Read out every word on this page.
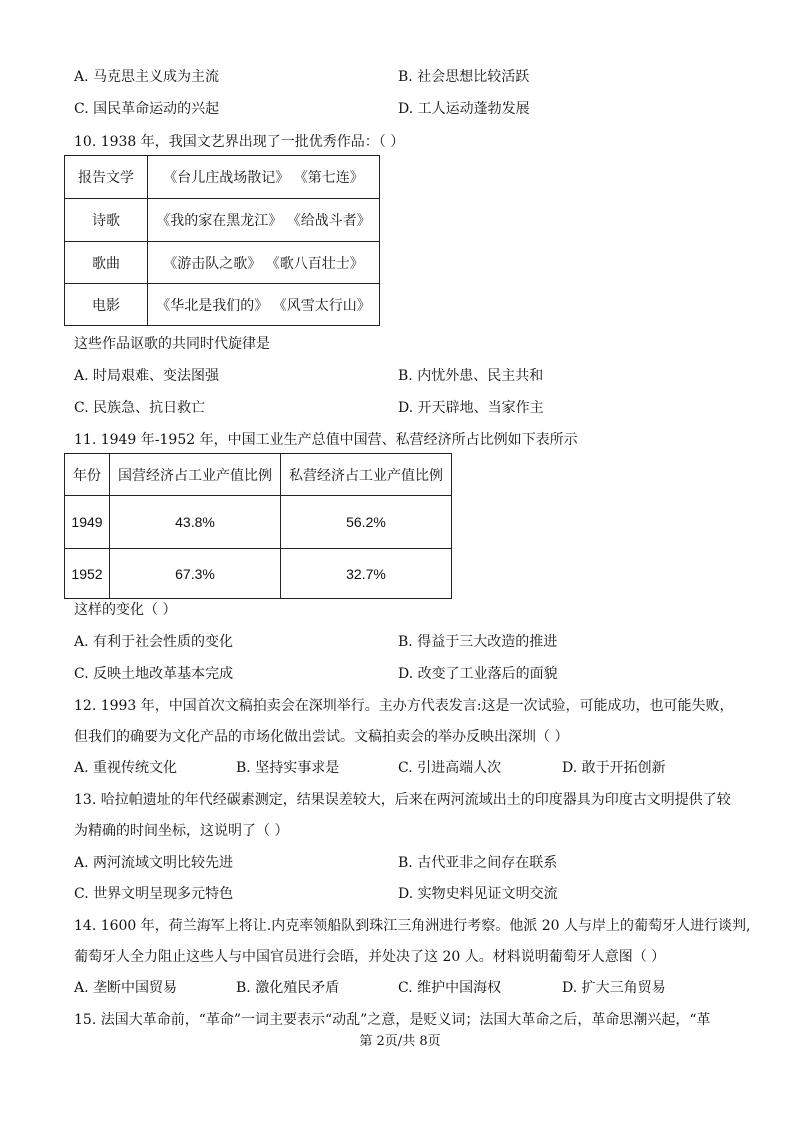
A. 马克思主义成为主流	B. 社会思想比较活跃
C. 国民革命运动的兴起	D. 工人运动蓬勃发展
10. 1938 年，我国文艺界出现了一批优秀作品：（ ）
报告文学	《台儿庄战场散记》 《第七连》
诗歌	《我的家在黑龙江》 《给战斗者》
歌曲	《游击队之歌》 《歌八百壮士》
电影	《华北是我们的》 《风雪太行山》
这些作品讴歌的共同时代旋律是
A. 时局艰难、变法图强	B. 内忧外患、民主共和
C. 民族急、抗日救亡	D. 开天辟地、当家作主
11. 1949 年-1952 年，中国工业生产总值中国营、私营经济所占比例如下表所示
年份	国营经济占工业产值比例	私营经济占工业产值比例
1949	43.8%	56.2%
1952	67.3%	32.7%
这样的变化（ ）
A. 有利于社会性质的变化	B. 得益于三大改造的推进
C. 反映土地改革基本完成	D. 改变了工业落后的面貌
12. 1993 年，中国首次文稿拍卖会在深圳举行。主办方代表发言:这是一次试验，可能成功，也可能失败，
但我们的确要为文化产品的市场化做出尝试。文稿拍卖会的举办反映出深圳（ ）
A. 重视传统文化	B. 坚持实事求是	C. 引进高端人次	D. 敢于开拓创新
13. 哈拉帕遗址的年代经碳素测定，结果误差较大，后来在两河流域出土的印度器具为印度古文明提供了较
为精确的时间坐标，这说明了（ ）
A. 两河流域文明比较先进	B. 古代亚非之间存在联系
C. 世界文明呈现多元特色	D. 实物史料见证文明交流
14. 1600 年，荷兰海军上将让.内克率领船队到珠江三角洲进行考察。他派 20 人与岸上的葡萄牙人进行谈判,
葡萄牙人全力阻止这些人与中国官员进行会晤，并处决了这 20 人。材料说明葡萄牙人意图（ ）
A. 垄断中国贸易	B. 激化殖民矛盾	C. 维护中国海权	D. 扩大三角贸易
15. 法国大革命前，“革命”一词主要表示“动乱”之意，是贬义词；法国大革命之后，革命思潮兴起，“革
第 2页/共 8页
